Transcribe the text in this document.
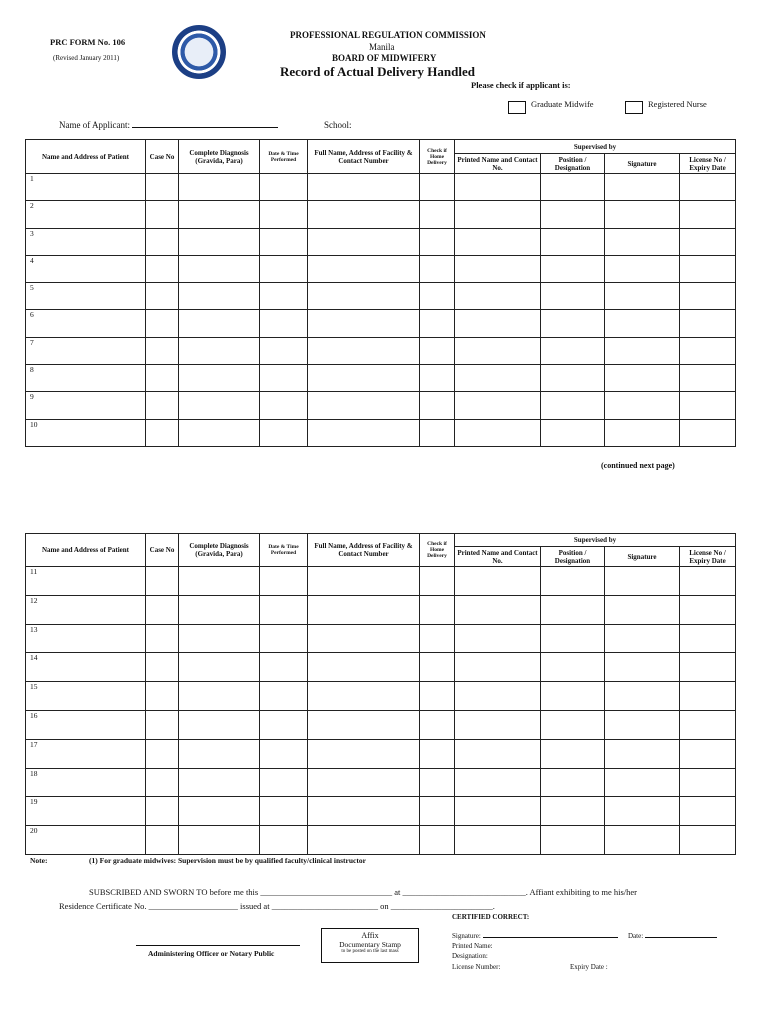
PRC FORM No. 106
(Revised January 2011)
PROFESSIONAL REGULATION COMMISSION
Manila
BOARD OF MIDWIFERY
Record of Actual Delivery Handled
Please check if applicant is:
Graduate Midwife	Registered Nurse
Name of Applicant:	School:
Name and Address of Patient	Case No	Complete Diagnosis (Gravida, Para)	Date & Time Performed	Full Name, Address of Facility & Contact Number	Check if Home Delivery	Supervised by			
						Printed Name and Contact No.	Position / Designation	Signature	License No / Expiry Date
1									
2									
3									
4									
5									
6									
7									
8									
9									
10									
(continued next page)
Name and Address of Patient	Case No	Complete Diagnosis (Gravida, Para)	Date & Time Performed	Full Name, Address of Facility & Contact Number	Check if Home Delivery	Supervised by			
						Printed Name and Contact No.	Position / Designation	Signature	License No / Expiry Date
11									
12									
13									
14									
15									
16									
17									
18									
19									
20									
Note:	(1) For graduate midwives: Supervision must be by qualified faculty/clinical instructor
SUBSCRIBED AND SWORN TO before me this _______________________________ at _____________________________. Affiant exhibiting to me his/her
Residence Certificate No. _____________________ issued at _________________________ on ________________________.
Administering Officer or Notary Public
Affix
Documentary Stamp
to be posted on the last mass
CERTIFIED CORRECT:
Signature:	Date:
Printed Name:
Designation:
License Number:	Expiry Date :
